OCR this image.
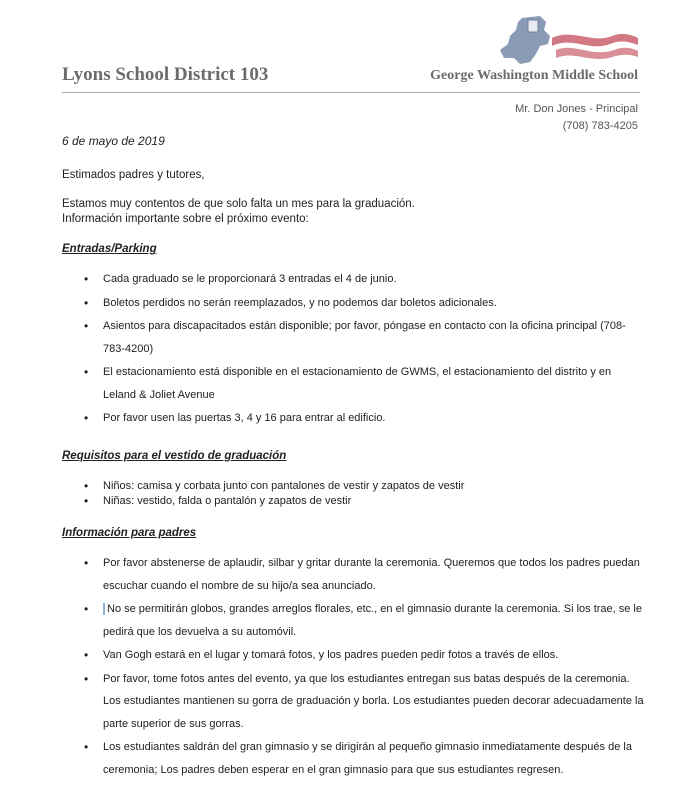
Lyons School District 103	George Washington Middle School
Mr. Don Jones - Principal
(708) 783-4205
6 de mayo de 2019
Estimados padres y tutores,
Estamos muy contentos de que solo falta un mes para la graduación.
Información importante sobre el próximo evento:
Entradas/Parking
• Cada graduado se le proporcionará 3 entradas el 4 de junio.
• Boletos perdidos no serán reemplazados, y no podemos dar boletos adicionales.
• Asientos para discapacitados están disponible; por favor, póngase en contacto con la oficina principal (708-783-4200)
• El estacionamiento está disponible en el estacionamiento de GWMS, el estacionamiento del distrito y en Leland & Joliet Avenue
• Por favor usen las puertas 3, 4 y 16 para entrar al edificio.
Requisitos para el vestido de graduación
• Niños: camisa y corbata junto con pantalones de vestir y zapatos de vestir
• Niñas: vestido, falda o pantalón y zapatos de vestir
Información para padres
• Por favor abstenerse de aplaudir, silbar y gritar durante la ceremonia. Queremos que todos los padres puedan escuchar cuando el nombre de su hijo/a sea anunciado.
• No se permitirán globos, grandes arreglos florales, etc., en el gimnasio durante la ceremonia. Si los trae, se le pedirá que los devuelva a su automóvil.
• Van Gogh estará en el lugar y tomará fotos, y los padres pueden pedir fotos a través de ellos.
• Por favor, tome fotos antes del evento, ya que los estudiantes entregan sus batas después de la ceremonia. Los estudiantes mantienen su gorra de graduación y borla. Los estudiantes pueden decorar adecuadamente la parte superior de sus gorras.
• Los estudiantes saldrán del gran gimnasio y se dirigirán al pequeño gimnasio inmediatamente después de la ceremonia; Los padres deben esperar en el gran gimnasio para que sus estudiantes regresen.
